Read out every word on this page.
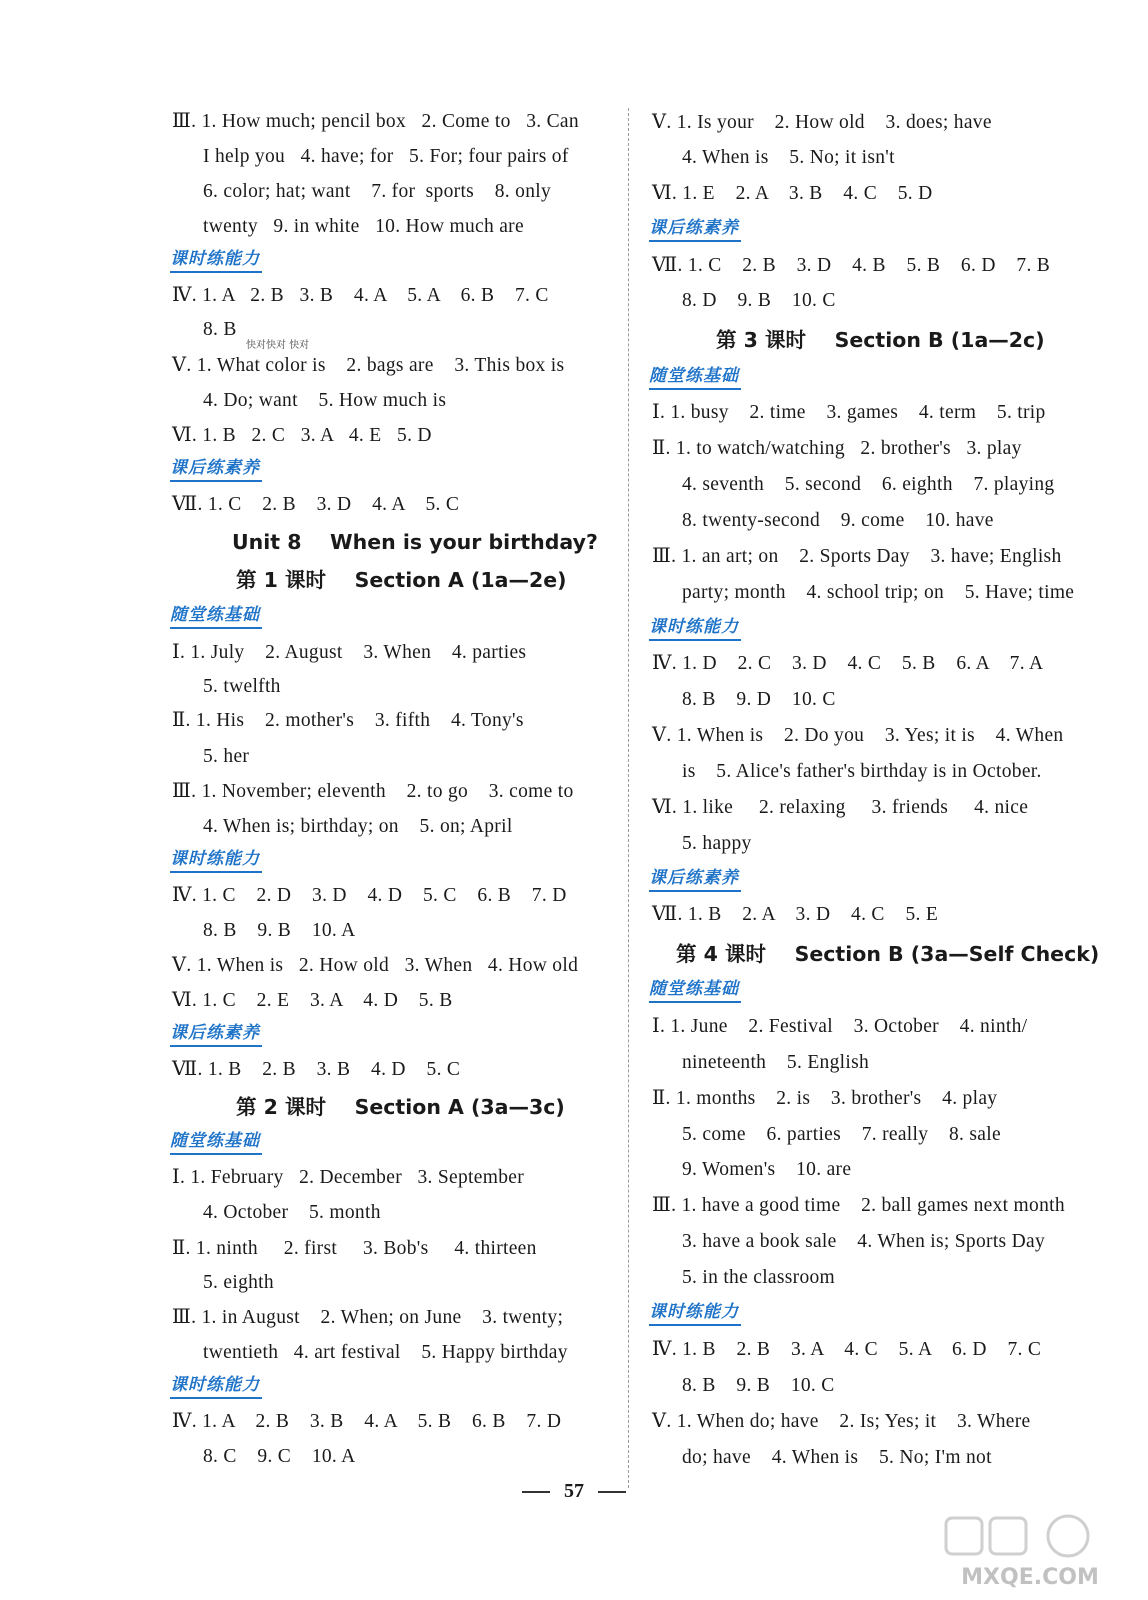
Ⅲ. 1. How much; pencil box   2. Come to   3. Can
I help you   4. have; for   5. For; four pairs of
6. color; hat; want    7. for  sports    8. only
twenty   9. in white   10. How much are
Ⅳ. 1. A   2. B   3. B    4. A    5. A    6. B    7. C
8. B
Ⅴ. 1. What color is    2. bags are    3. This box is
4. Do; want    5. How much is
Ⅵ. 1. B   2. C   3. A   4. E   5. D
Ⅶ. 1. C    2. B    3. D    4. A    5. C
Ⅰ. 1. July    2. August    3. When    4. parties
5. twelfth
Ⅱ. 1. His    2. mother's    3. fifth    4. Tony's
5. her
Ⅲ. 1. November; eleventh    2. to go    3. come to
4. When is; birthday; on    5. on; April
Ⅳ. 1. C    2. D    3. D    4. D    5. C    6. B    7. D
8. B    9. B    10. A
Ⅴ. 1. When is   2. How old   3. When   4. How old
Ⅵ. 1. C    2. E    3. A    4. D    5. B
Ⅶ. 1. B    2. B    3. B    4. D    5. C
Ⅰ. 1. February   2. December   3. September
4. October    5. month
Ⅱ. 1. ninth     2. first     3. Bob's     4. thirteen
5. eighth
Ⅲ. 1. in August    2. When; on June    3. twenty;
twentieth   4. art festival    5. Happy birthday
Ⅳ. 1. A    2. B    3. B    4. A    5. B    6. B    7. D
8. C    9. C    10. A
课时练能力
课后练素养
随堂练基础
课时练能力
课后练素养
随堂练基础
课时练能力
Unit 8    When is your birthday?
第 1 课时    Section A (1a—2e)
第 2 课时    Section A (3a—3c)
Ⅴ. 1. Is your    2. How old    3. does; have
4. When is    5. No; it isn't
Ⅵ. 1. E    2. A    3. B    4. C    5. D
Ⅶ. 1. C    2. B    3. D    4. B    5. B    6. D    7. B
8. D    9. B    10. C
Ⅰ. 1. busy    2. time    3. games    4. term    5. trip
Ⅱ. 1. to watch/watching   2. brother's   3. play
4. seventh    5. second    6. eighth    7. playing
8. twenty-second    9. come    10. have
Ⅲ. 1. an art; on    2. Sports Day    3. have; English
party; month    4. school trip; on    5. Have; time
Ⅳ. 1. D    2. C    3. D    4. C    5. B    6. A    7. A
8. B    9. D    10. C
Ⅴ. 1. When is    2. Do you    3. Yes; it is    4. When
is    5. Alice's father's birthday is in October.
Ⅵ. 1. like     2. relaxing     3. friends     4. nice
5. happy
Ⅶ. 1. B    2. A    3. D    4. C    5. E
Ⅰ. 1. June    2. Festival    3. October    4. ninth/
nineteenth    5. English
Ⅱ. 1. months    2. is    3. brother's    4. play
5. come    6. parties    7. really    8. sale
9. Women's    10. are
Ⅲ. 1. have a good time    2. ball games next month
3. have a book sale    4. When is; Sports Day
5. in the classroom
Ⅳ. 1. B    2. B    3. A    4. C    5. A    6. D    7. C
8. B    9. B    10. C
Ⅴ. 1. When do; have    2. Is; Yes; it    3. Where
do; have    4. When is    5. No; I'm not
课后练素养
随堂练基础
课时练能力
课后练素养
随堂练基础
课时练能力
第 3 课时    Section B (1a—2c)
第 4 课时    Section B (3a—Self Check)
快对快对 快对
57
MXQE.COM
